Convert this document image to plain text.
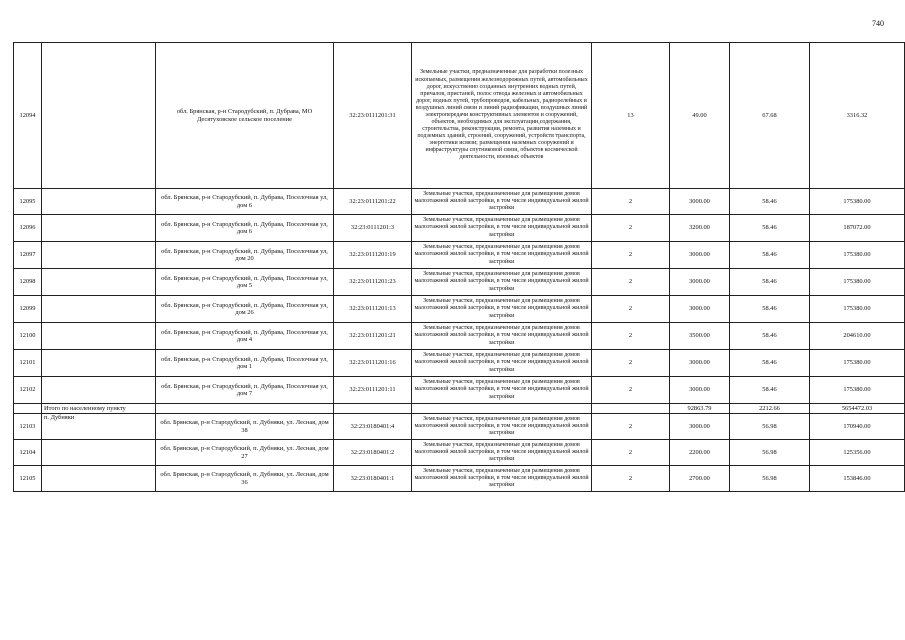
740
12094		обл. Брянская, р-н Стародубский, п. Дубрава, МО Десятуховское сельское поселение	32:23:0111201:31	Земельные участки, предназначенные для разработки полезных ископаемых, размещения железнодорожных путей, автомобильных дорог, искусственно созданных внутренних водных путей, причалов, пристаней, полос отвода железных и автомобильных дорог, водных путей, трубопроводов, кабельных, радиорелейных и воздушных линий связи и линий радиофикации, воздушных линий электропередачи конструктивных элементов и сооружений, объектов, необходимых для эксплуатации,содержания, строительства, реконструкции, ремонта, развития наземных и подземных зданий, строений, сооружений, устройств транспорта, энергетики исвязи; размещения наземных сооружений и инфраструктуры спутниковой связи, объектов космической деятельности, военных объектов	13	49.00	67.68	3316.32
12095		обл. Брянская, р-н Стародубский, п. Дубрава, Поселочная ул, дом 6	32:23:0111201:22	Земельные участки, предназначенные для размещения домов малоэтажной жилой застройки, в том числе индивидуальной жилой застройки	2	3000.00	58.46	175380.00
12096		обл. Брянская, р-н Стародубский, п. Дубрава, Поселочная ул, дом 6	32:23:0111201:3	Земельные участки, предназначенные для размещения домов малоэтажной жилой застройки, в том числе индивидуальной жилой застройки	2	3200.00	58.46	187072.00
12097		обл. Брянская, р-н Стародубский, п. Дубрава, Поселочная ул, дом 20	32:23:0111201:19	Земельные участки, предназначенные для размещения домов малоэтажной жилой застройки, в том числе индивидуальной жилой застройки	2	3000.00	58.46	175380.00
12098		обл. Брянская, р-н Стародубский, п. Дубрава, Поселочная ул, дом 5	32:23:0111201:23	Земельные участки, предназначенные для размещения домов малоэтажной жилой застройки, в том числе индивидуальной жилой застройки	2	3000.00	58.46	175380.00
12099		обл. Брянская, р-н Стародубский, п. Дубрава, Поселочная ул, дом 26	32:23:0111201:13	Земельные участки, предназначенные для размещения домов малоэтажной жилой застройки, в том числе индивидуальной жилой застройки	2	3000.00	58.46	175380.00
12100		обл. Брянская, р-н Стародубский, п. Дубрава, Поселочная ул, дом 4	32:23:0111201:21	Земельные участки, предназначенные для размещения домов малоэтажной жилой застройки, в том числе индивидуальной жилой застройки	2	3500.00	58.46	204610.00
12101		обл. Брянская, р-н Стародубский, п. Дубрава, Поселочная ул, дом 1	32:23:0111201:16	Земельные участки, предназначенные для размещения домов малоэтажной жилой застройки, в том числе индивидуальной жилой застройки	2	3000.00	58.46	175380.00
12102		обл. Брянская, р-н Стародубский, п. Дубрава, Поселочная ул, дом 7	32:23:0111201:11	Земельные участки, предназначенные для размещения домов малоэтажной жилой застройки, в том числе индивидуальной жилой застройки	2	3000.00	58.46	175380.00
	Итого по населенному пункту					92863.79	2212.66	5654472.03
12103	п. Дубняки	обл. Брянская, р-н Стародубский, п. Дубняки, ул. Лесная, дом 38	32:23:0180401:4	Земельные участки, предназначенные для размещения домов малоэтажной жилой застройки, в том числе индивидуальной жилой застройки	2	3000.00	56.98	170940.00
12104		обл. Брянская, р-н Стародубский, п. Дубняки, ул. Лесная, дом 27	32:23:0180401:2	Земельные участки, предназначенные для размещения домов малоэтажной жилой застройки, в том числе индивидуальной жилой застройки	2	2200.00	56.98	125356.00
12105		обл. Брянская, р-н Стародубский, п. Дубняки, ул. Лесная, дом 36	32:23:0180401:1	Земельные участки, предназначенные для размещения домов малоэтажной жилой застройки, в том числе индивидуальной жилой застройки	2	2700.00	56.98	153846.00
